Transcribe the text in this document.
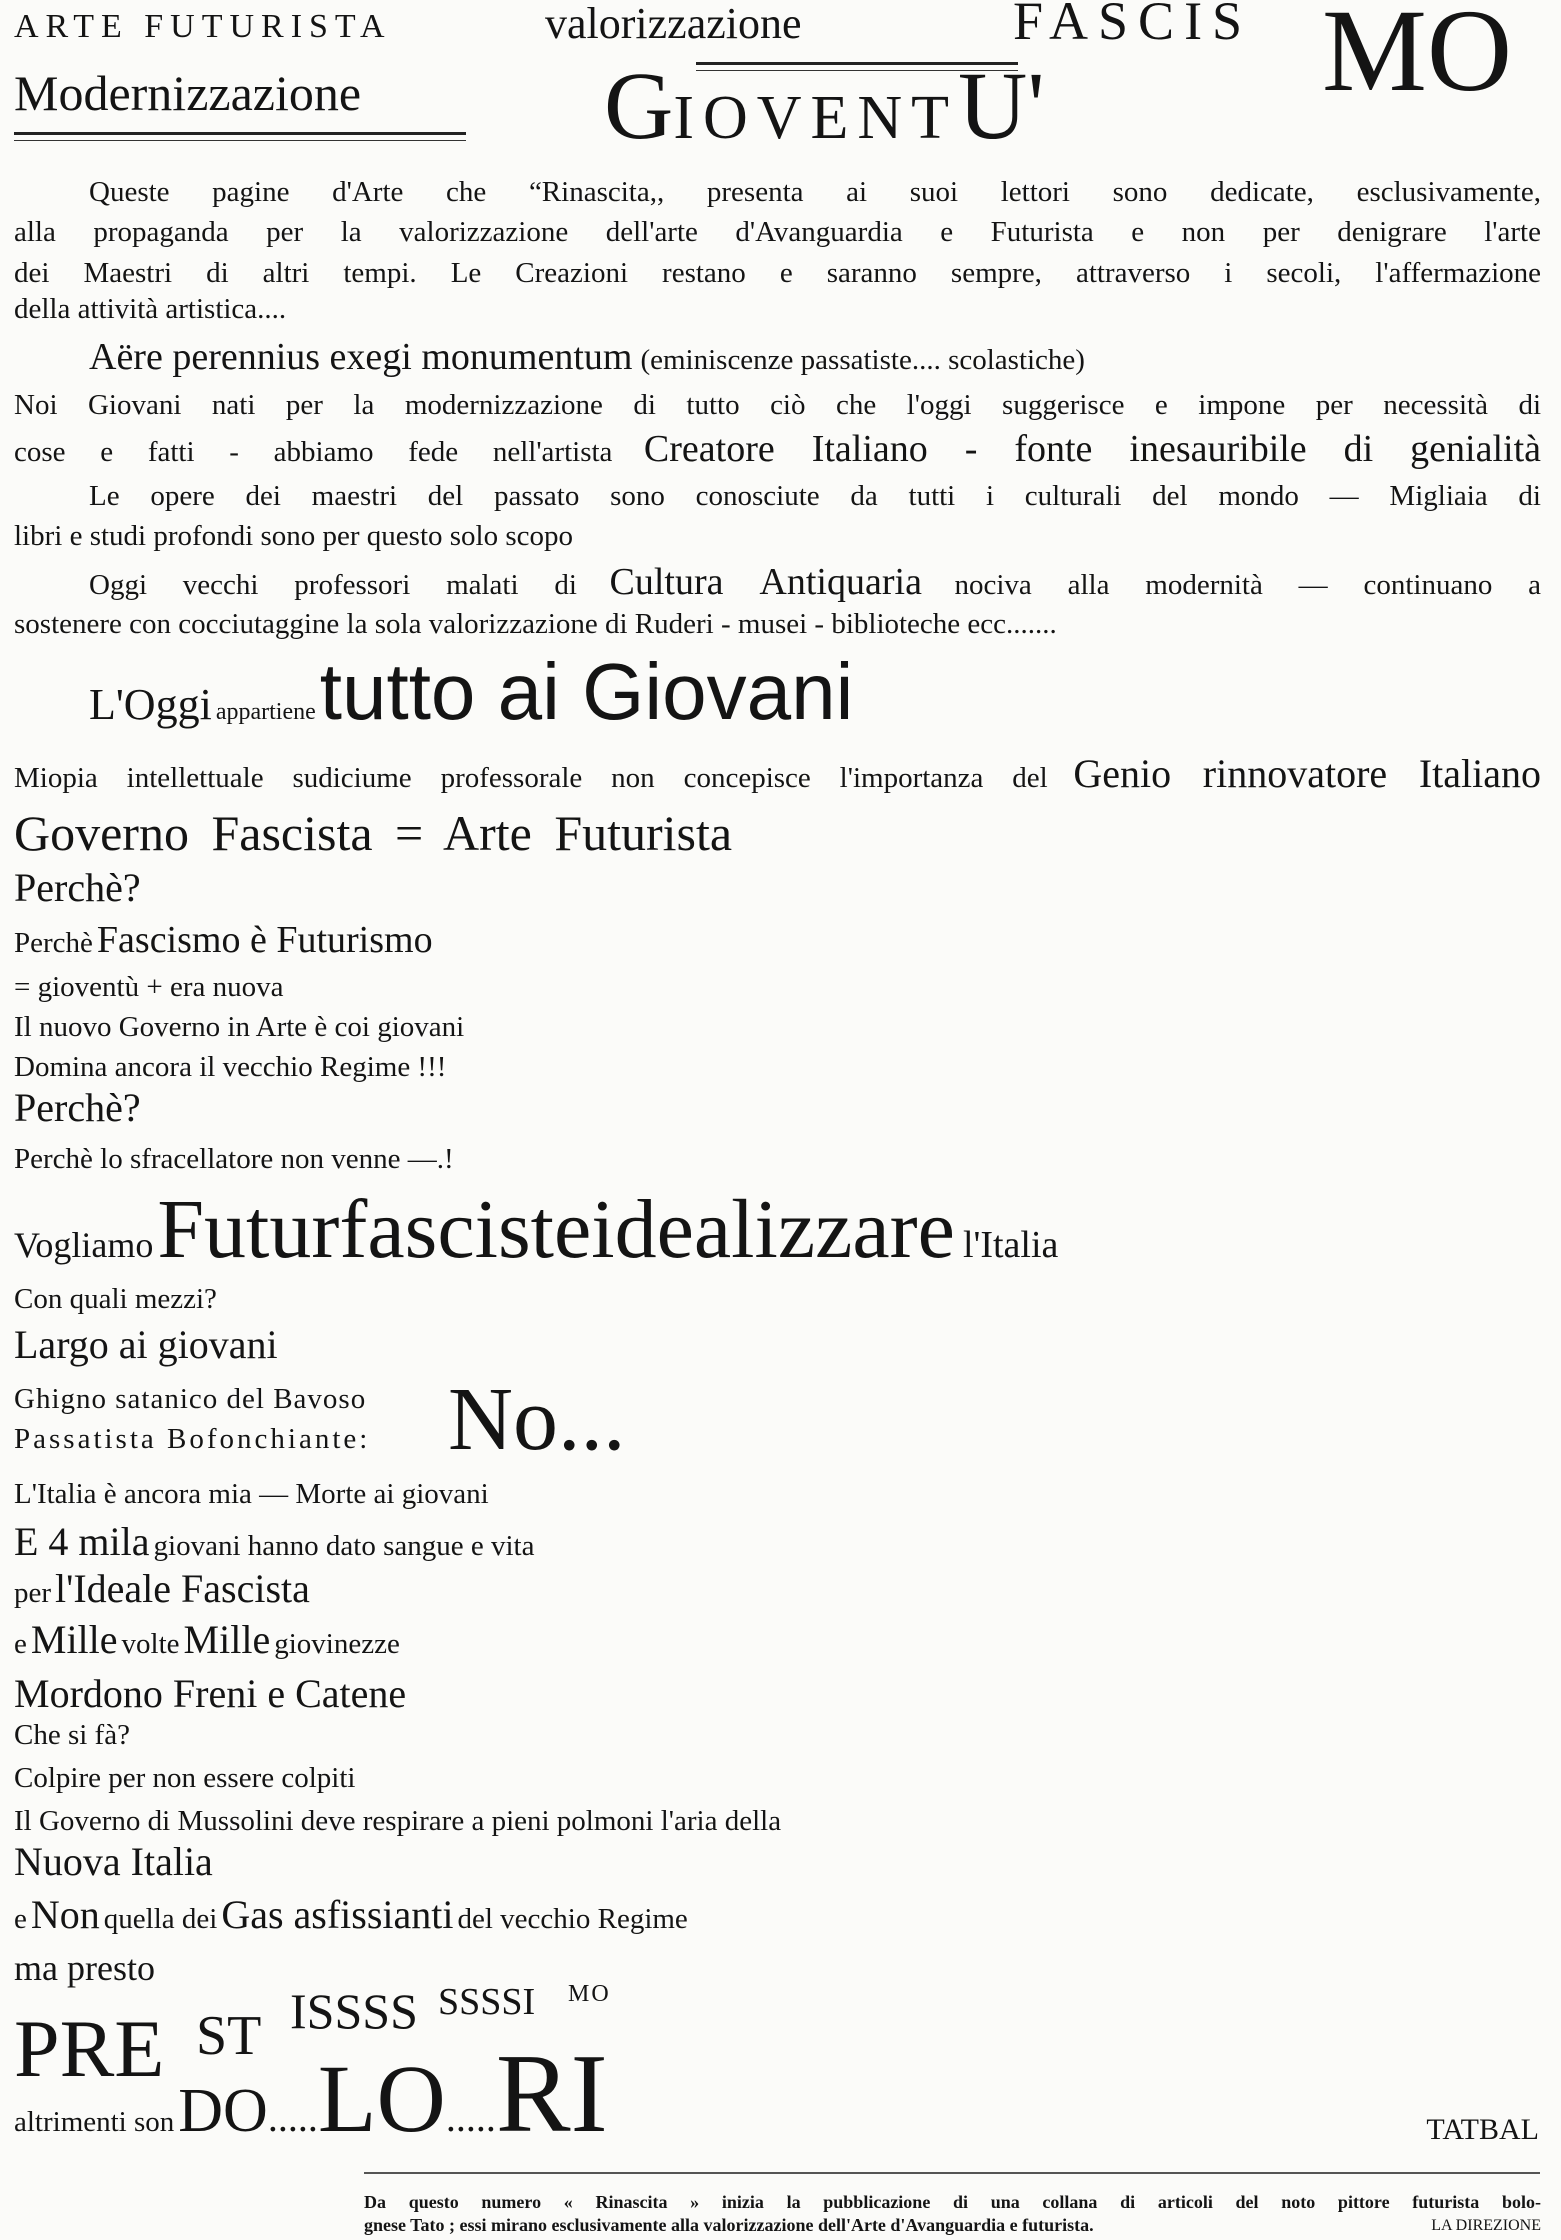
ARTE FUTURISTA	valorizzazione	FASCIS MO
Modernizzazione	GIOVENTU'
Queste pagine d'Arte che “Rinascita,, presenta ai suoi lettori sono dedicate, esclusivamente,
alla propaganda per la valorizzazione dell'arte d'Avanguardia e Futurista e non per denigrare l'arte
dei Maestri di altri tempi. Le Creazioni restano e saranno sempre, attraverso i secoli, l'affermazione
della attività artistica....
Aëre perennius exegi monumentum (eminiscenze passatiste.... scolastiche)
Noi Giovani nati per la modernizzazione di tutto ciò che l'oggi suggerisce e impone per necessità di
cose e fatti - abbiamo fede nell'artista Creatore Italiano - fonte inesauribile di genialità
Le opere dei maestri del passato sono conosciute da tutti i culturali del mondo — Migliaia di
libri e studi profondi sono per questo solo scopo
Oggi vecchi professori malati di Cultura Antiquaria nociva alla modernità — continuano a
sostenere con cocciutaggine la sola valorizzazione di Ruderi - musei - biblioteche ecc.......
L'Oggi appartiene tutto ai Giovani
Miopia intellettuale sudiciume professorale non concepisce l'importanza del Genio rinnovatore Italiano
Governo Fascista = Arte Futurista
Perchè?
Perchè Fascismo è Futurismo
= gioventù + era nuova
Il nuovo Governo in Arte è coi giovani
Domina ancora il vecchio Regime !!!
Perchè?
Perchè lo sfracellatore non venne —.!
Vogliamo Futurfascisteidealizzare l'Italia
Con quali mezzi?
Largo ai giovani
Ghigno satanico del Bavoso
Passatista Bofonchiante: No...
L'Italia è ancora mia — Morte ai giovani
E 4 mila giovani hanno dato sangue e vita
per l'Ideale Fascista
e Mille volte Mille giovinezze
Mordono Freni e Catene
Che si fà?
Colpire per non essere colpiti
Il Governo di Mussolini deve respirare a pieni polmoni l'aria della
Nuova Italia
e Non quella dei Gas asfissianti del vecchio Regime
ma presto
PRE ST ISSSS SSSSI MO
altrimenti son DO.....LO.....RI	TATBAL
Da questo numero « Rinascita » inizia la pubblicazione di una collana di articoli del noto pittore futurista bolo-
gnese Tato ; essi mirano esclusivamente alla valorizzazione dell'Arte d'Avanguardia e futurista.	LA DIREZIONE
